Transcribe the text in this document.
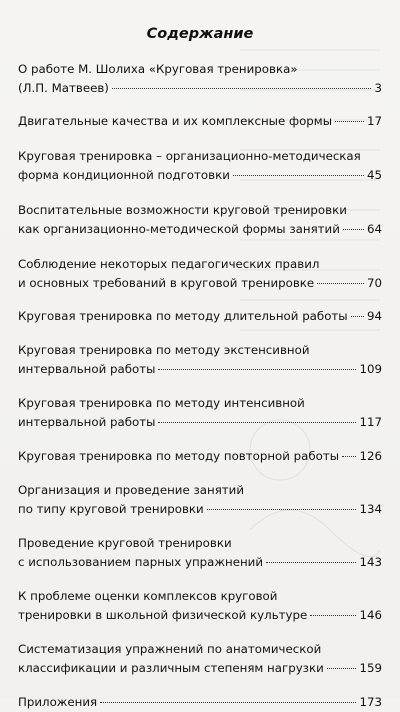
Содержание
О работе М. Шолиха «Круговая тренировка»
(Л.П. Матвеев)	3
Двигательные качества и их комплексные формы	17
Круговая тренировка – организационно-методическая
форма кондиционной подготовки	45
Воспитательные возможности круговой тренировки
как организационно-методической формы занятий 64
Соблюдение некоторых педагогических правил
и основных требований в круговой тренировке	70
Круговая тренировка по методу длительной работы 94
Круговая тренировка по методу экстенсивной
интервальной работы	109
Круговая тренировка по методу интенсивной
интервальной работы	117
Круговая тренировка по методу повторной работы 126
Организация и проведение занятий
по типу круговой тренировки	134
Проведение круговой тренировки
с использованием парных упражнений	143
К проблеме оценки комплексов круговой
тренировки в школьной физической культуре	146
Систематизация упражнений по анатомической
классификации и различным степеням нагрузки	159
Приложения	173
